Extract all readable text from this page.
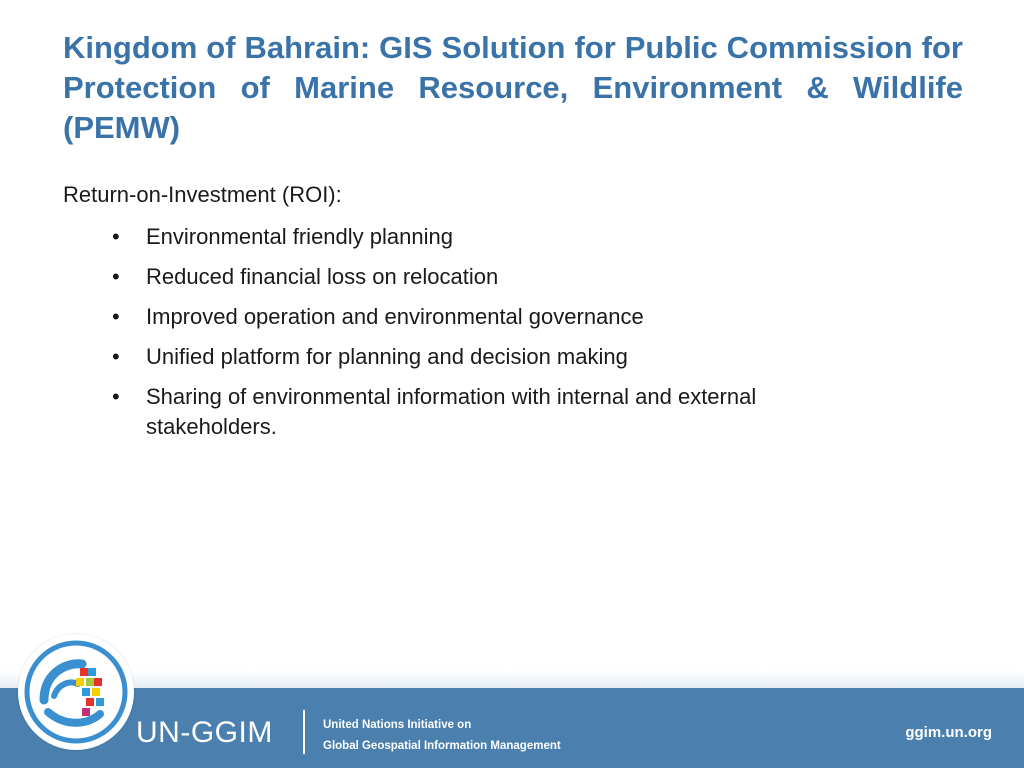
Kingdom of Bahrain: GIS Solution for Public Commission for Protection of Marine Resource, Environment & Wildlife (PEMW)

Return-on-Investment (ROI):

•	Environmental friendly planning
•	Reduced financial loss on relocation
•	Improved operation and environmental governance
•	Unified platform for planning and decision making
•	Sharing of environmental information with internal and external stakeholders.
UN-GGIM	United Nations Initiative on
Global Geospatial Information Management
ggim.un.org
